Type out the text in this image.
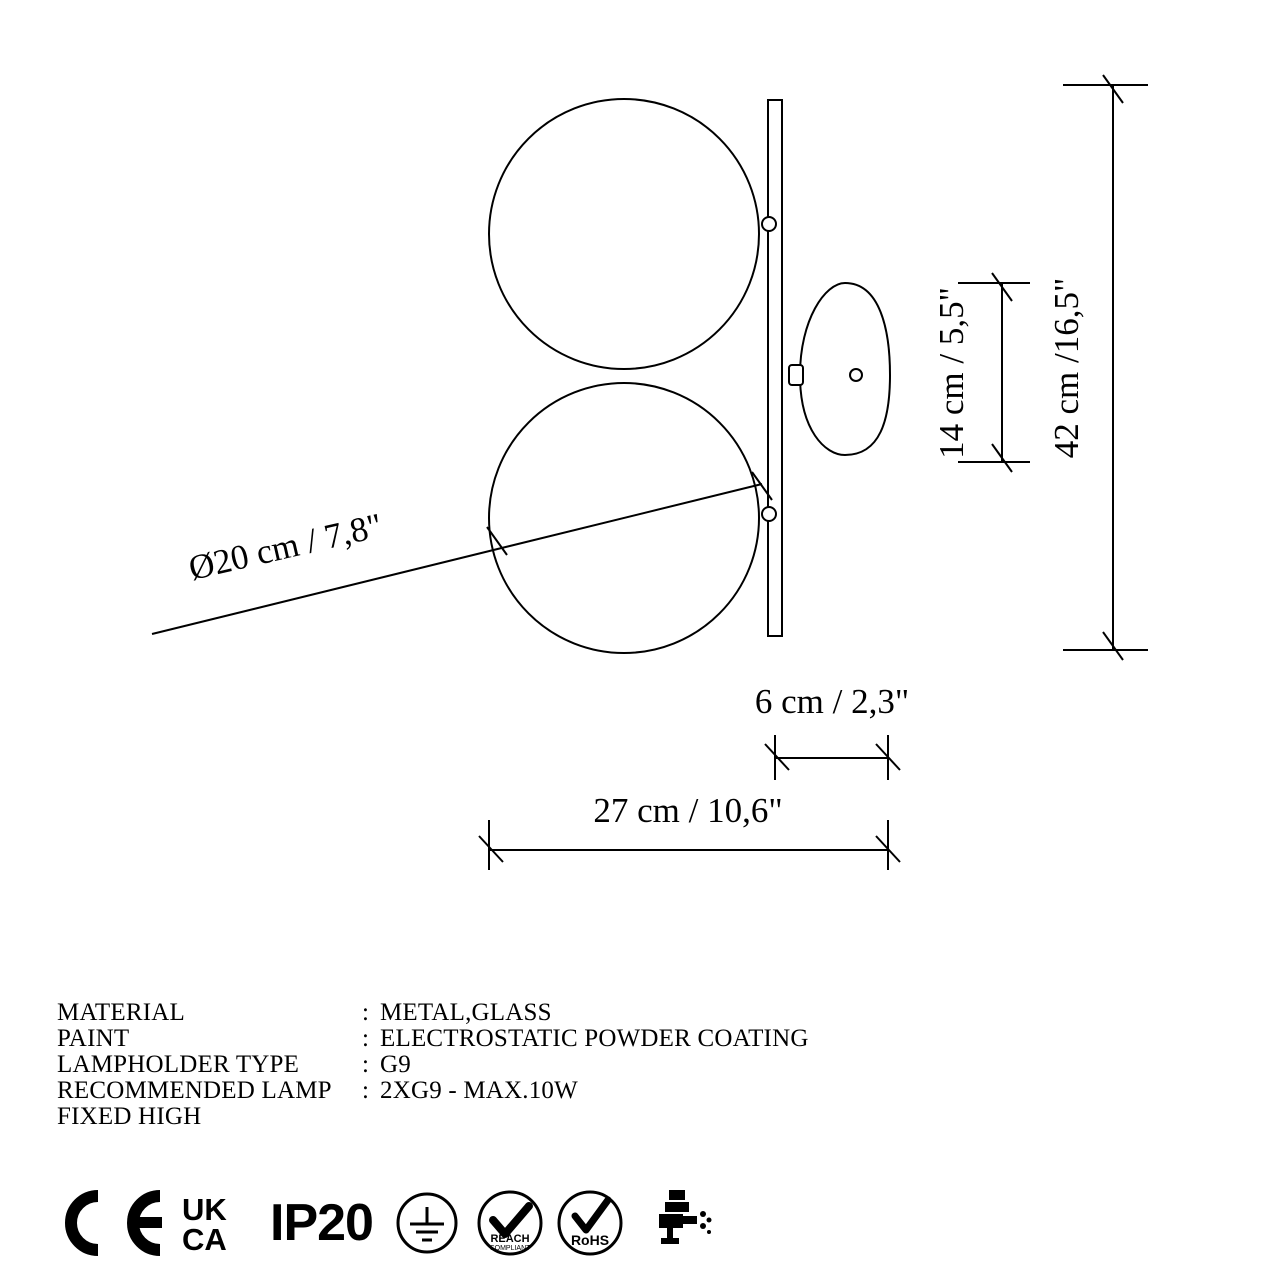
Ø20 cm / 7,8"
42 cm /16,5"
14 cm / 5,5"
6 cm / 2,3"
27 cm / 10,6"
MATERIAL	: METAL,GLASS
PAINT	: ELECTROSTATIC POWDER COATING
LAMPHOLDER TYPE	: G9
RECOMMENDED LAMP	: 2XG9 - MAX.10W
FIXED HIGH
UK
CA IP20	REACH
COMPLIANT
RoHS
